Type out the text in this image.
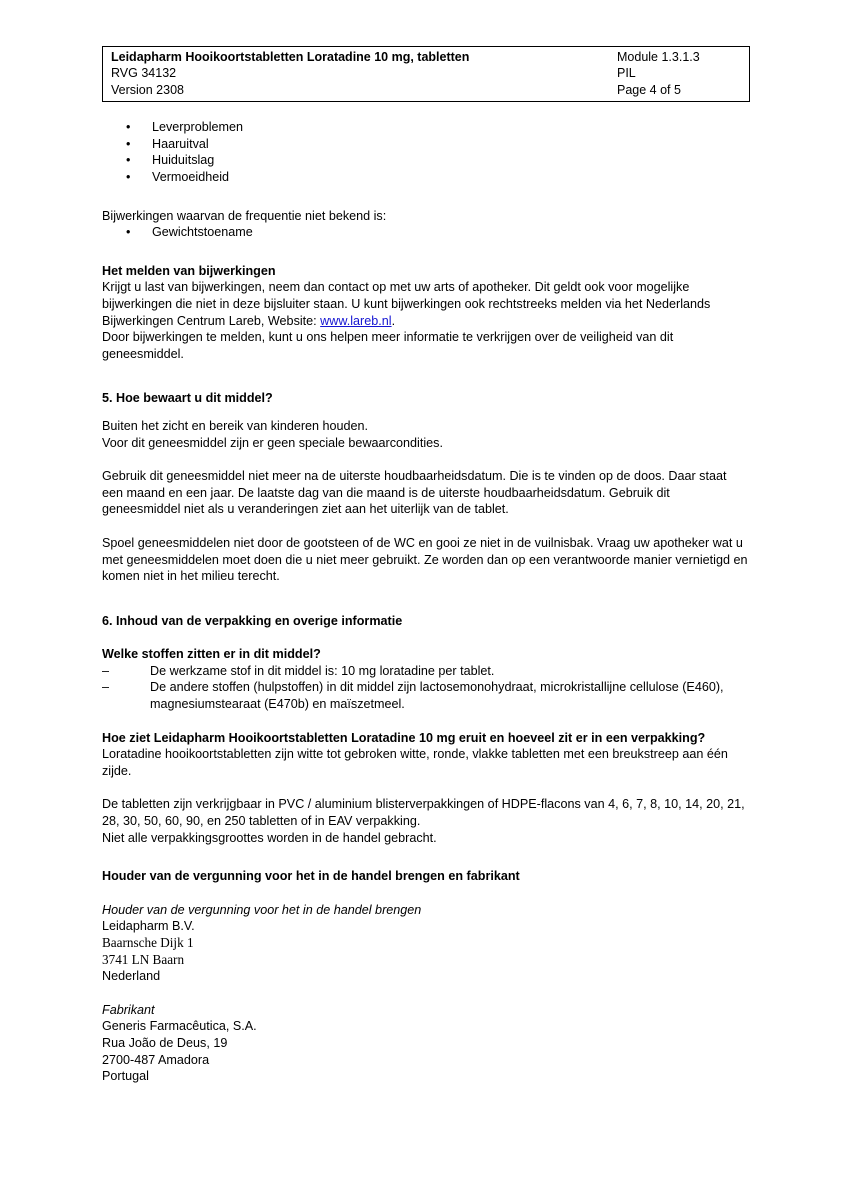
Leidapharm Hooikoortstabletten Loratadine 10 mg, tabletten
RVG 34132
Version 2308
Module 1.3.1.3
PIL
Page 4 of 5
• Leverproblemen
• Haaruitval
• Huiduitslag
• Vermoeidheid

Bijwerkingen waarvan de frequentie niet bekend is:

• Gewichtstoename

Het melden van bijwerkingen

Krijgt u last van bijwerkingen, neem dan contact op met uw arts of apotheker. Dit geldt ook voor mogelijke bijwerkingen die niet in deze bijsluiter staan. U kunt bijwerkingen ook rechtstreeks melden via het Nederlands Bijwerkingen Centrum Lareb, Website: www.lareb.nl.

Door bijwerkingen te melden, kunt u ons helpen meer informatie te verkrijgen over de veiligheid van dit geneesmiddel.

5. Hoe bewaart u dit middel?

Buiten het zicht en bereik van kinderen houden.

Voor dit geneesmiddel zijn er geen speciale bewaarcondities.

Gebruik dit geneesmiddel niet meer na de uiterste houdbaarheidsdatum. Die is te vinden op de doos. Daar staat een maand en een jaar. De laatste dag van die maand is de uiterste houdbaarheidsdatum. Gebruik dit geneesmiddel niet als u veranderingen ziet aan het uiterlijk van de tablet.

Spoel geneesmiddelen niet door de gootsteen of de WC en gooi ze niet in de vuilnisbak. Vraag uw apotheker wat u met geneesmiddelen moet doen die u niet meer gebruikt. Ze worden dan op een verantwoorde manier vernietigd en komen niet in het milieu terecht.

6. Inhoud van de verpakking en overige informatie

Welke stoffen zitten er in dit middel?

–	De werkzame stof in dit middel is: 10 mg loratadine per tablet.
–	De andere stoffen (hulpstoffen) in dit middel zijn lactosemonohydraat, microkristallijne cellulose (E460), magnesiumstearaat (E470b) en maïszetmeel.

Hoe ziet Leidapharm Hooikoortstabletten Loratadine 10 mg eruit en hoeveel zit er in een verpakking?

Loratadine hooikoortstabletten zijn witte tot gebroken witte, ronde, vlakke tabletten met een breukstreep aan één zijde.

De tabletten zijn verkrijgbaar in PVC / aluminium blisterverpakkingen of HDPE-flacons van 4, 6, 7, 8, 10, 14, 20, 21, 28, 30, 50, 60, 90, en 250 tabletten of in EAV verpakking.

Niet alle verpakkingsgroottes worden in de handel gebracht.

Houder van de vergunning voor het in de handel brengen en fabrikant

Houder van de vergunning voor het in de handel brengen

Leidapharm B.V.

Baarnsche Dijk 1

3741 LN Baarn

Nederland

Fabrikant

Generis Farmacêutica, S.A.

Rua João de Deus, 19

2700-487 Amadora

Portugal
